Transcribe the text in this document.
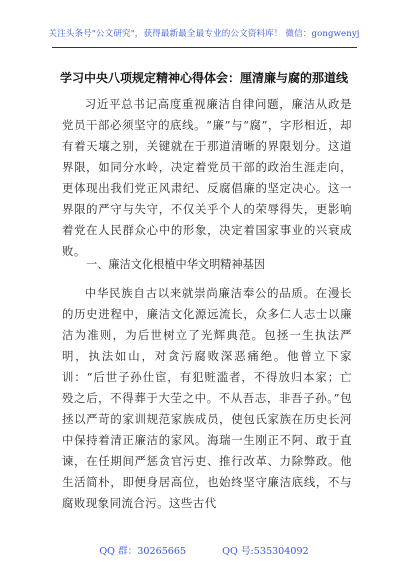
关注头条号"公文研究"，获得最新最全最专业的公文资料库！ 微信：gongwenyj
学习中央八项规定精神心得体会：厘清廉与腐的那道线
习近平总书记高度重视廉洁自律问题，廉洁从政是党员干部必须坚守的底线。“廉”与“腐”，字形相近，却有着天壤之别，关键就在于那道清晰的界限划分。这道界限，如同分水岭，决定着党员干部的政治生涯走向，更体现出我们党正风肃纪、反腐倡廉的坚定决心。这一界限的严守与失守，不仅关乎个人的荣辱得失，更影响着党在人民群众心中的形象，决定着国家事业的兴衰成败。
一、廉洁文化根植中华文明精神基因
中华民族自古以来就崇尚廉洁奉公的品质。在漫长的历史进程中，廉洁文化源远流长，众多仁人志士以廉洁为准则，为后世树立了光辉典范。包拯一生执法严明，执法如山，对贪污腐败深恶痛绝。他曾立下家训：“后世子孙仕宦，有犯赃滥者，不得放归本家；亡殁之后，不得葬于大茔之中。不从吾志，非吾子孙。”包拯以严苛的家训规范家族成员，使包氏家族在历史长河中保持着清正廉洁的家风。海瑞一生刚正不阿、敢于直谏，在任期间严惩贪官污吏、推行改革、力除弊政。他生活简朴，即便身居高位，也始终坚守廉洁底线，不与腐败现象同流合污。这些古代
QQ 群：30265665	QQ 号:535304092
